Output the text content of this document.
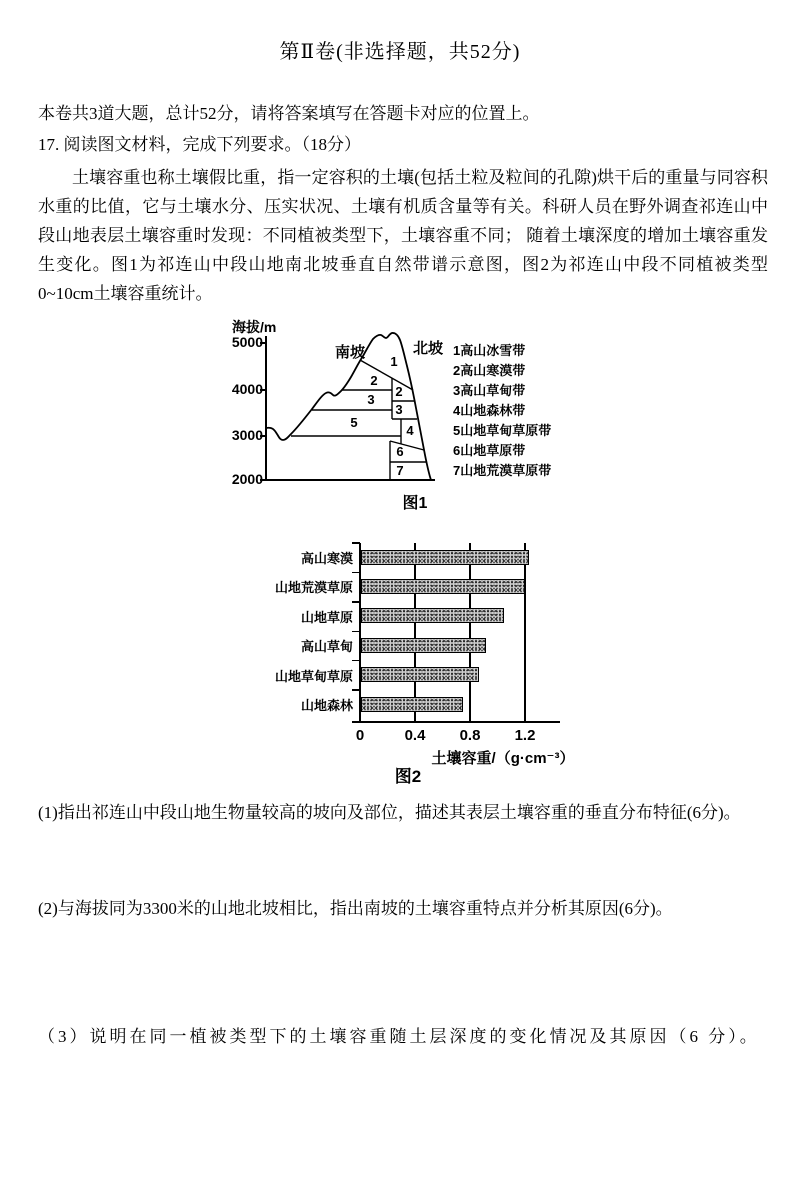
第Ⅱ卷(非选择题，共52分)
本卷共3道大题，总计52分，请将答案填写在答题卡对应的位置上。
17. 阅读图文材料，完成下列要求。（18分）
土壤容重也称土壤假比重，指一定容积的土壤(包括土粒及粒间的孔隙)烘干后的重量与同容积水重的比值，它与土壤水分、压实状况、土壤有机质含量等有关。科研人员在野外调查祁连山中段山地表层土壤容重时发现：不同植被类型下，土壤容重不同； 随着土壤深度的增加土壤容重发生变化。图1为祁连山中段山地南北坡垂直自然带谱示意图，图2为祁连山中段不同植被类型0~10cm土壤容重统计。
海拔/m
5000
4000
3000
2000
南坡	北坡
1
2
3
2
3
4
5
6
7
1高山冰雪带
2高山寒漠带
3高山草甸带
4山地森林带
5山地草甸草原带
6山地草原带
7山地荒漠草原带
图1
0	0.4	0.8	1.2
高山寒漠
山地荒漠草原
山地草原
高山草甸
山地草甸草原
山地森林
土壤容重/（g·cm⁻³）
图2
(1)指出祁连山中段山地生物量较高的坡向及部位，描述其表层土壤容重的垂直分布特征(6分)。
(2)与海拔同为3300米的山地北坡相比，指出南坡的土壤容重特点并分析其原因(6分)。
（3）说明在同一植被类型下的土壤容重随土层深度的变化情况及其原因（6 分）。
